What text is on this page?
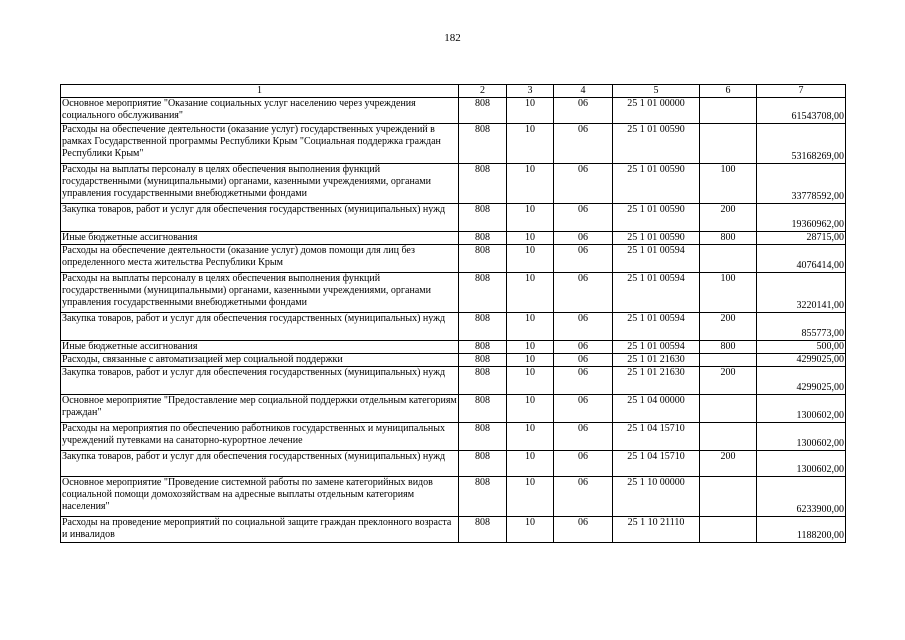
182
1	2	3	4	5	6	7
Основное мероприятие "Оказание социальных услуг населению через учреждения социального обслуживания"	808	10	06	25 1 01 00000		61543708,00
Расходы на обеспечение деятельности (оказание услуг) государственных учреждений в рамках Государственной программы Республики Крым "Социальная поддержка граждан Республики Крым"	808	10	06	25 1 01 00590		53168269,00
Расходы на выплаты персоналу в целях обеспечения выполнения функций государственными (муниципальными) органами, казенными учреждениями, органами управления государственными внебюджетными фондами	808	10	06	25 1 01 00590	100	33778592,00
Закупка товаров, работ и услуг для обеспечения государственных (муниципальных) нужд	808	10	06	25 1 01 00590	200	19360962,00
Иные бюджетные ассигнования	808	10	06	25 1 01 00590	800	28715,00
Расходы на обеспечение деятельности (оказание услуг) домов помощи для лиц без определенного места жительства Республики Крым	808	10	06	25 1 01 00594		4076414,00
Расходы на выплаты персоналу в целях обеспечения выполнения функций государственными (муниципальными) органами, казенными учреждениями, органами управления государственными внебюджетными фондами	808	10	06	25 1 01 00594	100	3220141,00
Закупка товаров, работ и услуг для обеспечения государственных (муниципальных) нужд	808	10	06	25 1 01 00594	200	855773,00
Иные бюджетные ассигнования	808	10	06	25 1 01 00594	800	500,00
Расходы, связанные с автоматизацией мер социальной поддержки	808	10	06	25 1 01 21630		4299025,00
Закупка товаров, работ и услуг для обеспечения государственных (муниципальных) нужд	808	10	06	25 1 01 21630	200	4299025,00
Основное мероприятие "Предоставление мер социальной поддержки отдельным категориям граждан"	808	10	06	25 1 04 00000		1300602,00
Расходы на мероприятия по обеспечению работников государственных и муниципальных учреждений путевками на санаторно-курортное лечение	808	10	06	25 1 04 15710		1300602,00
Закупка товаров, работ и услуг для обеспечения государственных (муниципальных) нужд	808	10	06	25 1 04 15710	200	1300602,00
Основное мероприятие "Проведение системной работы по замене категорийных видов социальной помощи домохозяйствам на адресные выплаты отдельным категориям населения"	808	10	06	25 1 10 00000		6233900,00
Расходы на проведение мероприятий по социальной защите граждан преклонного возраста и инвалидов	808	10	06	25 1 10 21110		1188200,00
